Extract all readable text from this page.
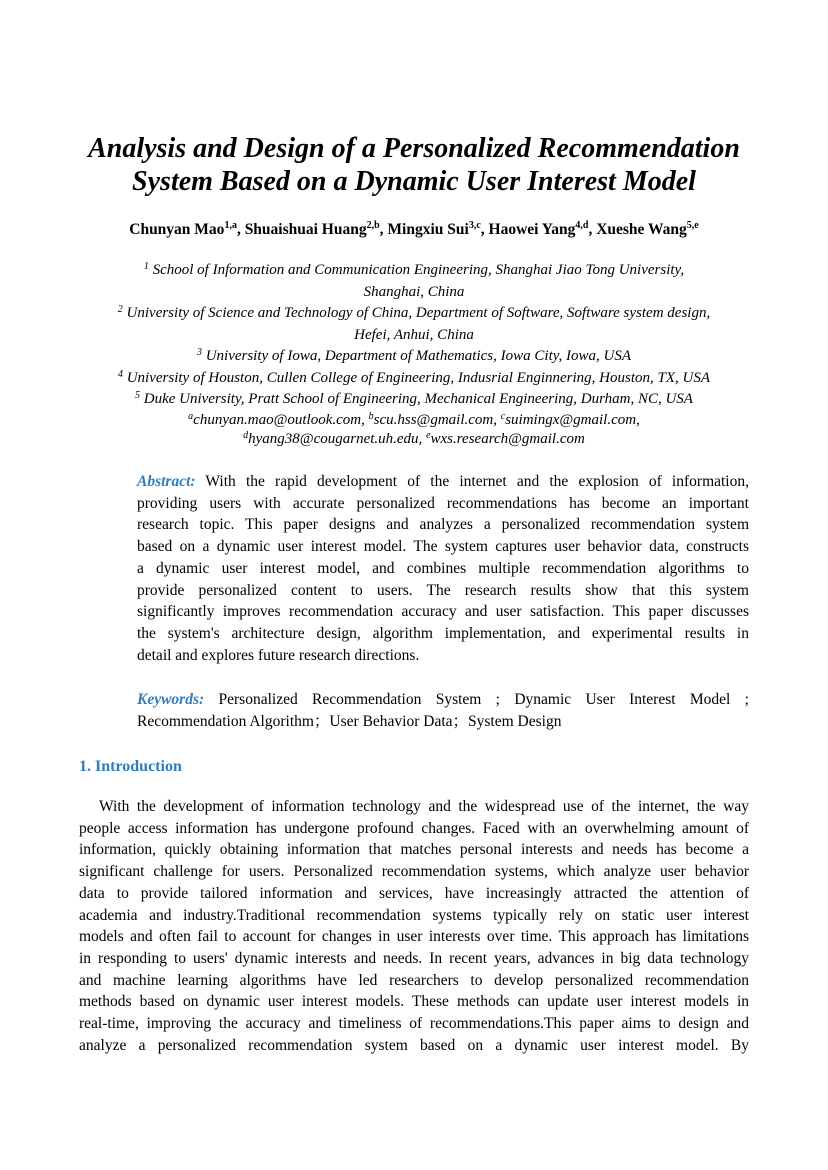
Analysis and Design of a Personalized Recommendation
System Based on a Dynamic User Interest Model
Chunyan Mao$^{1,a}$, Shuaishuai Huang$^{2,b}$, Mingxiu Sui$^{3,c}$, Haowei Yang$^{4,d}$, Xueshe Wang$^{5,e}$
$^1$ School of Information and Communication Engineering, Shanghai Jiao Tong University,
Shanghai, China
$^2$ University of Science and Technology of China, Department of Software, Software system design,
Hefei, Anhui, China
$^3$ University of Iowa, Department of Mathematics, Iowa City, Iowa, USA
$^4$ University of Houston, Cullen College of Engineering, Indusrial Enginnering, Houston, TX, USA
$^5$ Duke University, Pratt School of Engineering, Mechanical Engineering, Durham, NC, USA
$^a$chunyan.mao@outlook.com, $^b$scu.hss@gmail.com, $^c$suimingx@gmail.com,
$^d$hyang38@cougarnet.uh.edu, $^e$wxs.research@gmail.com
Abstract: With the rapid development of the internet and the explosion of information,
providing users with accurate personalized recommendations has become an important
research topic. This paper designs and analyzes a personalized recommendation system
based on a dynamic user interest model. The system captures user behavior data, constructs
a dynamic user interest model, and combines multiple recommendation algorithms to
provide personalized content to users. The research results show that this system
significantly improves recommendation accuracy and user satisfaction. This paper discusses
the system's architecture design, algorithm implementation, and experimental results in
detail and explores future research directions.
Keywords: Personalized Recommendation System ; Dynamic User Interest Model ;
Recommendation Algorithm；User Behavior Data；System Design
1. Introduction
With the development of information technology and the widespread use of the internet, the way
people access information has undergone profound changes. Faced with an overwhelming amount of
information, quickly obtaining information that matches personal interests and needs has become a
significant challenge for users. Personalized recommendation systems, which analyze user behavior
data to provide tailored information and services, have increasingly attracted the attention of
academia and industry.Traditional recommendation systems typically rely on static user interest
models and often fail to account for changes in user interests over time. This approach has limitations
in responding to users' dynamic interests and needs. In recent years, advances in big data technology
and machine learning algorithms have led researchers to develop personalized recommendation
methods based on dynamic user interest models. These methods can update user interest models in
real-time, improving the accuracy and timeliness of recommendations.This paper aims to design and
analyze a personalized recommendation system based on a dynamic user interest model. By
